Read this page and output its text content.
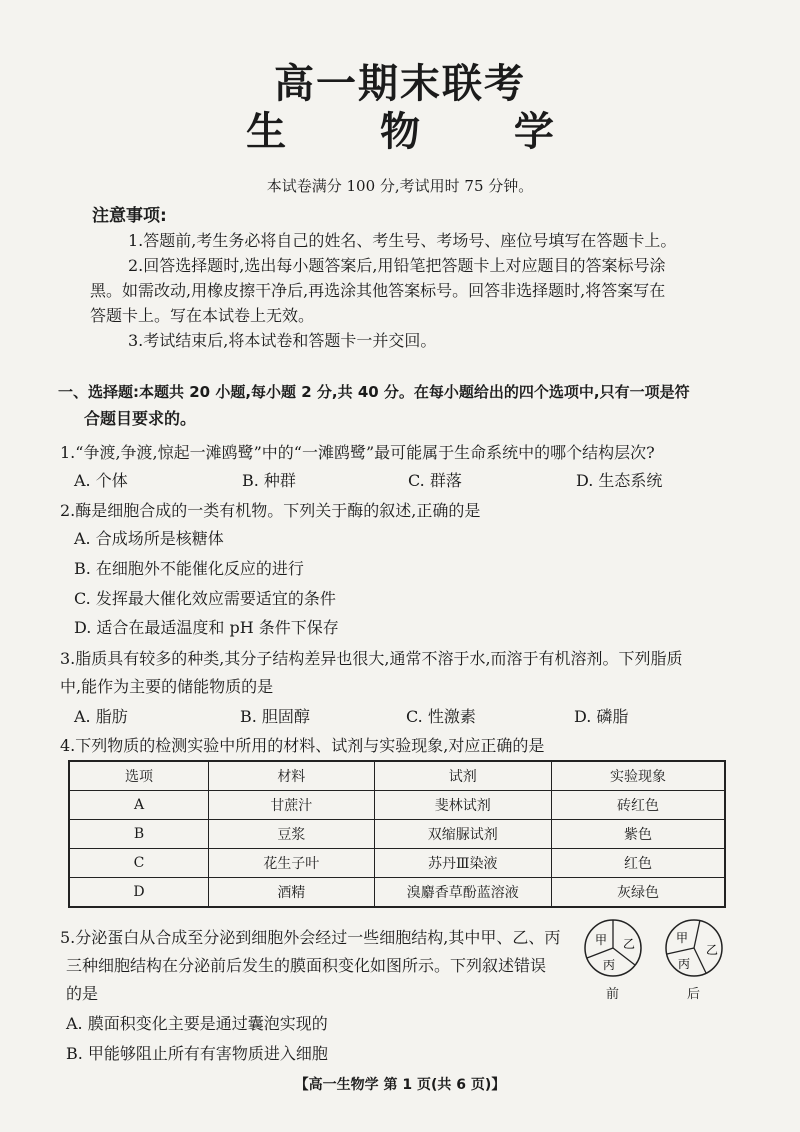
高一期末联考
生 物 学
本试卷满分 100 分,考试用时 75 分钟。
注意事项:
1.答题前,考生务必将自己的姓名、考生号、考场号、座位号填写在答题卡上。
2.回答选择题时,选出每小题答案后,用铅笔把答题卡上对应题目的答案标号涂
黑。如需改动,用橡皮擦干净后,再选涂其他答案标号。回答非选择题时,将答案写在
答题卡上。写在本试卷上无效。
3.考试结束后,将本试卷和答题卡一并交回。
一、选择题:本题共 20 小题,每小题 2 分,共 40 分。在每小题给出的四个选项中,只有一项是符
合题目要求的。
1.“争渡,争渡,惊起一滩鸥鹭”中的“一滩鸥鹭”最可能属于生命系统中的哪个结构层次?
A. 个体	B. 种群	C. 群落	D. 生态系统
2.酶是细胞合成的一类有机物。下列关于酶的叙述,正确的是
A. 合成场所是核糖体
B. 在细胞外不能催化反应的进行
C. 发挥最大催化效应需要适宜的条件
D. 适合在最适温度和 pH 条件下保存
3.脂质具有较多的种类,其分子结构差异也很大,通常不溶于水,而溶于有机溶剂。下列脂质
中,能作为主要的储能物质的是
A. 脂肪	B. 胆固醇	C. 性激素	D. 磷脂
4.下列物质的检测实验中所用的材料、试剂与实验现象,对应正确的是
选项	材料	试剂	实验现象
A	甘蔗汁	斐林试剂	砖红色
B	豆浆	双缩脲试剂	紫色
C	花生子叶	苏丹Ⅲ染液	红色
D	酒精	溴麝香草酚蓝溶液	灰绿色
5.分泌蛋白从合成至分泌到细胞外会经过一些细胞结构,其中甲、乙、丙
三种细胞结构在分泌前后发生的膜面积变化如图所示。下列叙述错误
的是
A. 膜面积变化主要是通过囊泡实现的
B. 甲能够阻止所有有害物质进入细胞
甲 乙
丙
前
甲
乙
丙
后
【高一生物学 第 1 页(共 6 页)】
